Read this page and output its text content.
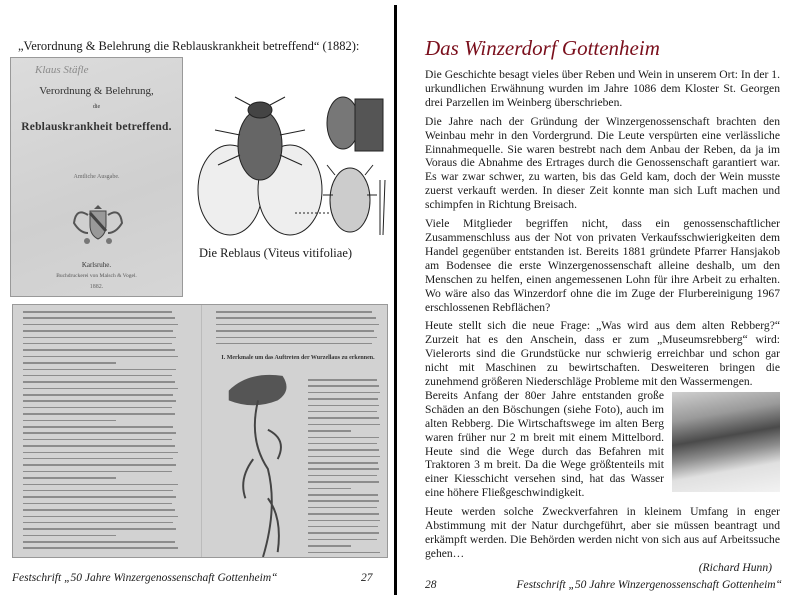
„Verordnung & Belehrung die Reblauskrankheit betreffend“ (1882):
Klaus Stäfle
Verordnung & Belehrung,
die
Reblauskrankheit betreffend.
Amtliche Ausgabe.
Karlsruhe.
Buchdruckerei von Malsch & Vogel.
1882.
Die Reblaus (Viteus vitifoliae)
I. Merkmale um das Auftreten der Wurzellaus zu erkennen.
Festschrift „50 Jahre Winzergenossenschaft Gottenheim“	27
Das Winzerdorf Gottenheim

Die Geschichte besagt vieles über Reben und Wein in unserem Ort: In der 1. urkundlichen Erwähnung wurden im Jahre 1086 dem Kloster St. Georgen drei Parzellen im Weinberg überschrieben.

Die Jahre nach der Gründung der Winzergenossenschaft brachten den Weinbau mehr in den Vordergrund. Die Leute verspürten eine verlässliche Einnahmequelle. Sie waren bestrebt nach dem Anbau der Reben, da ja im Voraus die Abnahme des Ertrages durch die Genossenschaft garantiert war. Es war zwar schwer, zu warten, bis das Geld kam, doch der Wein musste zuerst verkauft werden. In dieser Zeit konnte man sich Luft machen und schimpfen in Richtung Breisach.

Viele Mitglieder begriffen nicht, dass ein genossenschaftlicher Zusammenschluss aus der Not von privaten Verkaufsschwierigkeiten dem Handel gegenüber entstanden ist. Bereits 1881 gründete Pfarrer Hansjakob am Bodensee die erste Winzergenossenschaft alleine deshalb, um den Menschen zu helfen, einen angemessenen Lohn für ihre Arbeit zu erhalten. Wo wäre also das Winzerdorf ohne die im Zuge der Flurbereinigung 1967 erschlossenen Rebflächen?

Heute stellt sich die neue Frage: „Was wird aus dem alten Rebberg?“ Zurzeit hat es den Anschein, dass er zum „Museumsrebberg“ wird: Vielerorts sind die Grundstücke nur schwierig erreichbar und schon gar nicht mit Maschinen zu bewirtschaften. Desweiteren bringen die zunehmend größeren Niederschläge Probleme mit den Wassermengen.

Bereits Anfang der 80er Jahre entstanden große Schäden an den Böschungen (siehe Foto), auch im alten Rebberg. Die Wirtschaftswege im alten Berg waren früher nur 2 m breit mit einem Mittelbord. Heute sind die Wege durch das Befahren mit Traktoren 3 m breit. Da die Wege größtenteils mit einer Kiesschicht versehen sind, hat das Wasser eine höhere Fließgeschwindigkeit.

Heute werden solche Zweckverfahren in kleinem Umfang in enger Abstimmung mit der Natur durchgeführt, aber sie müssen beantragt und erkämpft werden. Die Behörden werden nicht von sich aus auf Arbeitssuche gehen…

(Richard Hunn)
28	Festschrift „50 Jahre Winzergenossenschaft Gottenheim“
